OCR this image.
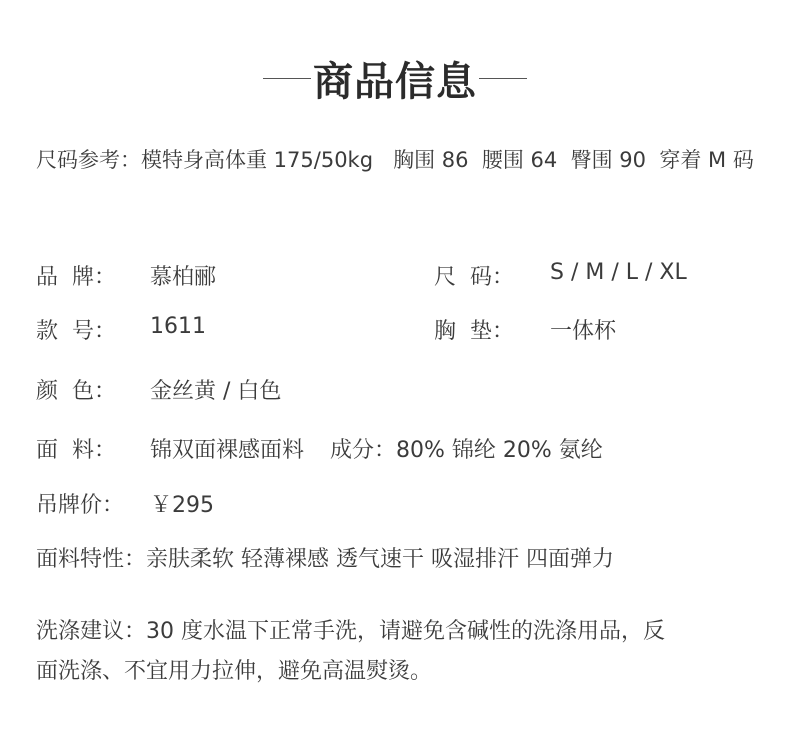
商品信息
尺码参考：模特身高体重 175/50kg 胸围 86 腰围 64 臀围 90 穿着 M 码
品  牌：	慕柏郦	尺  码：	S / M / L / XL
款  号：	1611	胸  垫：	一体杯
颜  色：	金丝黄 / 白色
面  料：	锦双面裸感面料 成分：80% 锦纶 20% 氨纶
吊牌价：	￥295
面料特性： 亲肤柔软 轻薄裸感 透气速干 吸湿排汗 四面弹力
洗涤建议：30 度水温下正常手洗，请避免含碱性的洗涤用品，反
面洗涤、不宜用力拉伸，避免高温熨烫。
